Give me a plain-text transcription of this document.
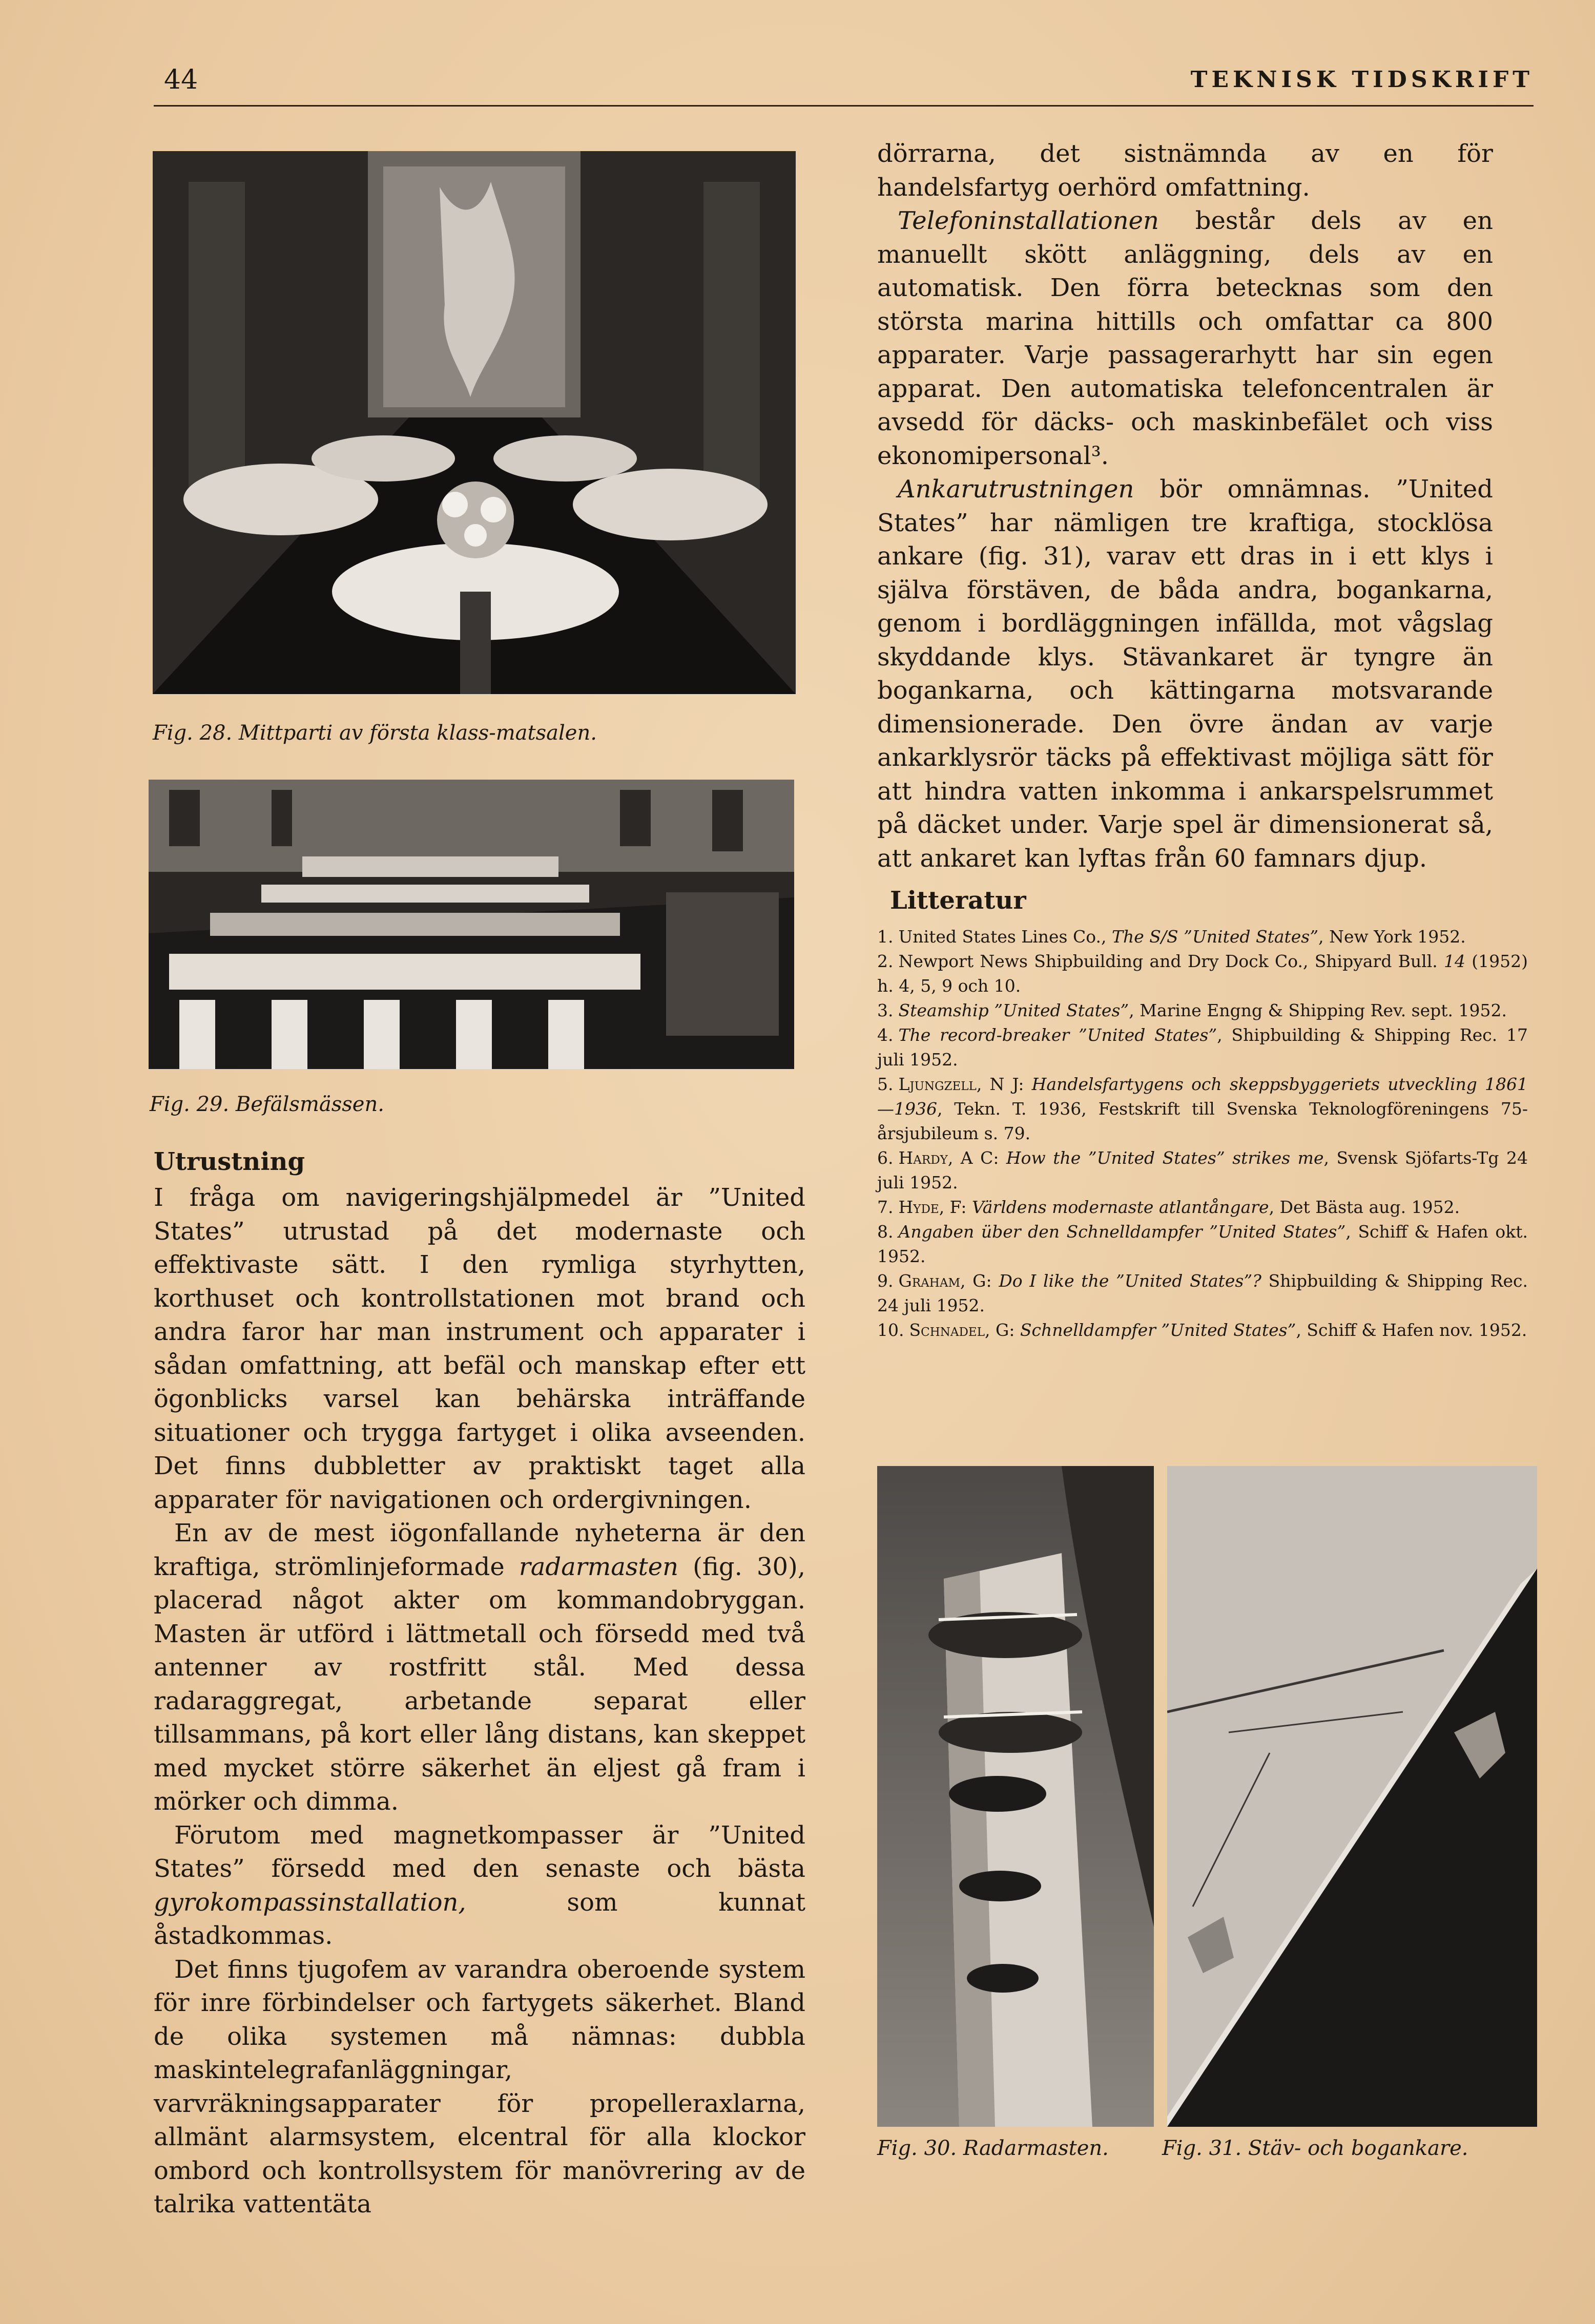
44	TEKNISK TIDSKRIFT
Fig. 28. Mittparti av första klass-matsalen.
Fig. 29. Befälsmässen.
Fig. 30. Radarmasten.	Fig. 31. Stäv- och bogankare.

dörrarna, det sistnämnda av en för handelsfartyg oerhörd omfattning.

Telefoninstallationen består dels av en manuellt skött anläggning, dels av en automatisk. Den förra betecknas som den största marina hittills och omfattar ca 800 apparater. Varje passagerarhytt har sin egen apparat. Den automatiska telefoncentralen är avsedd för däcks- och maskinbefälet och viss ekonomipersonal³.

Ankarutrustningen bör omnämnas. ”United States” har nämligen tre kraftiga, stocklösa ankare (fig. 31), varav ett dras in i ett klys i själva förstäven, de båda andra, bogankarna, genom i bordläggningen infällda, mot vågslag skyddande klys. Stävankaret är tyngre än bogankarna, och kättingarna motsvarande dimensionerade. Den övre ändan av varje ankarklysrör täcks på effektivast möjliga sätt för att hindra vatten inkomma i ankarspelsrummet på däcket under. Varje spel är dimensionerat så, att ankaret kan lyftas från 60 famnars djup.

Litteratur
1. United States Lines Co., The S/S ”United States”, New York 1952.
2. Newport News Shipbuilding and Dry Dock Co., Shipyard Bull. 14 (1952) h. 4, 5, 9 och 10.
3. Steamship ”United States”, Marine Engng & Shipping Rev. sept. 1952.
4. The record-breaker ”United States”, Shipbuilding & Shipping Rec. 17 juli 1952.
5. Ljungzell, N J: Handelsfartygens och skeppsbyggeriets utveckling 1861—1936, Tekn. T. 1936, Festskrift till Svenska Teknologföreningens 75-årsjubileum s. 79.
6. Hardy, A C: How the ”United States” strikes me, Svensk Sjöfarts-Tg 24 juli 1952.
7. Hyde, F: Världens modernaste atlantångare, Det Bästa aug. 1952.
8. Angaben über den Schnelldampfer ”United States”, Schiff & Hafen okt. 1952.
9. Graham, G: Do I like the ”United States”? Shipbuilding & Shipping Rec. 24 juli 1952.
10. Schnadel, G: Schnelldampfer ”United States”, Schiff & Hafen nov. 1952.
Utrustning

I fråga om navigeringshjälpmedel är ”United States” utrustad på det modernaste och effektivaste sätt. I den rymliga styrhytten, korthuset och kontrollstationen mot brand och andra faror har man instrument och apparater i sådan omfattning, att befäl och manskap efter ett ögonblicks varsel kan behärska inträffande situationer och trygga fartyget i olika avseenden. Det finns dubbletter av praktiskt taget alla apparater för navigationen och ordergivningen.

En av de mest iögonfallande nyheterna är den kraftiga, strömlinjeformade radarmasten (fig. 30), placerad något akter om kommandobryggan. Masten är utförd i lättmetall och försedd med två antenner av rostfritt stål. Med dessa radaraggregat, arbetande separat eller tillsammans, på kort eller lång distans, kan skeppet med mycket större säkerhet än eljest gå fram i mörker och dimma.

Förutom med magnetkompasser är ”United States” försedd med den senaste och bästa gyrokompassinstallation, som kunnat åstadkommas.

Det finns tjugofem av varandra oberoende system för inre förbindelser och fartygets säkerhet. Bland de olika systemen må nämnas: dubbla maskintelegrafanläggningar, varvräkningsapparater för propelleraxlarna, allmänt alarmsystem, elcentral för alla klockor ombord och kontrollsystem för manövrering av de talrika vattentäta
